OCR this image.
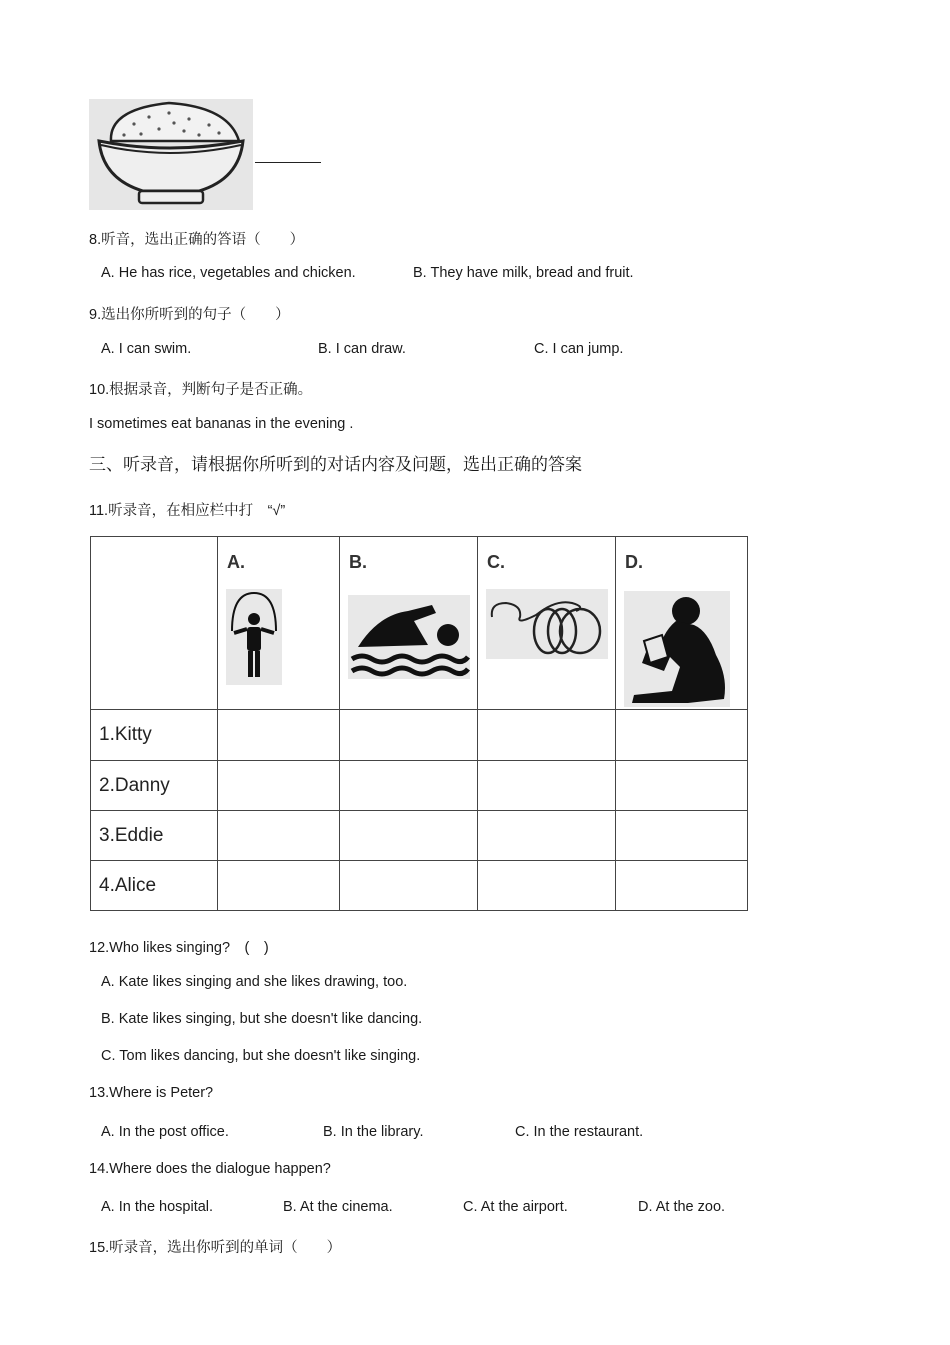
8.听音，选出正确的答语（　　）
A. He has rice, vegetables and chicken.	B. They have milk, bread and fruit.
9.选出你所听到的句子（　　）
A. I can swim.	B. I can draw.	C. I can jump.
10.根据录音，判断句子是否正确。
I sometimes eat bananas in the evening .
三、听录音，请根据你所听到的对话内容及问题，选出正确的答案
11.听录音，在相应栏中打　“√”

	A.	B.	C.	D.

1.Kitty				
2.Danny				
3.Eddie				
4.Alice				
12.Who likes singing?　(　)
A. Kate likes singing and she likes drawing, too.
B. Kate likes singing, but she doesn't like dancing.
C. Tom likes dancing, but she doesn't like singing.
13.Where is Peter?
A. In the post office.	B. In the library.	C. In the restaurant.
14.Where does the dialogue happen?
A. In the hospital.	B. At the cinema.	C. At the airport.	D. At the zoo.
15.听录音，选出你听到的单词（　　）
